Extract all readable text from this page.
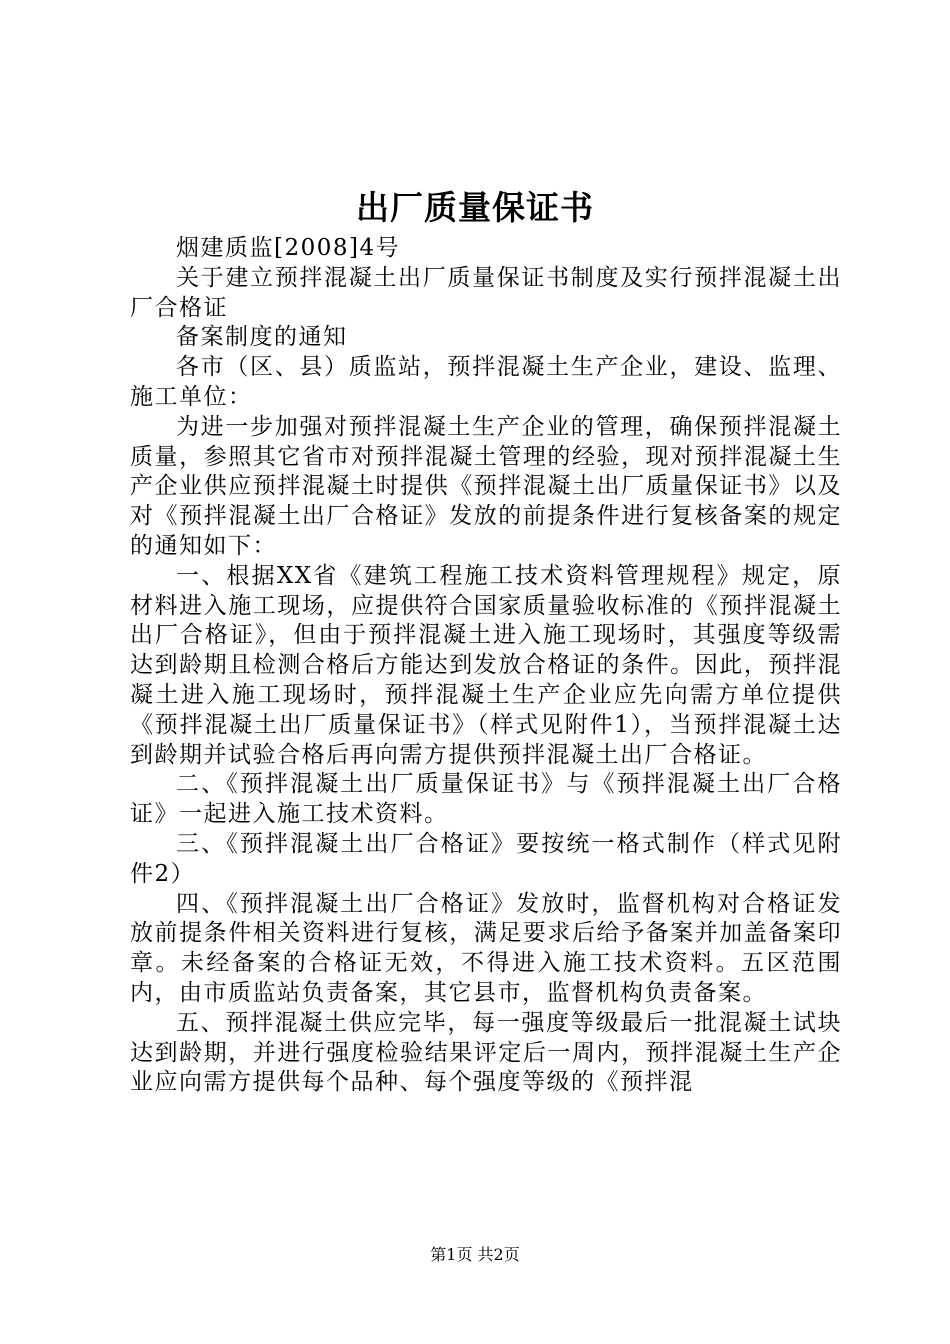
出厂质量保证书

烟建质监[2008]4号

关于建立预拌混凝土出厂质量保证书制度及实行预拌混凝土出厂合格证

备案制度的通知

各市（区、县）质监站，预拌混凝土生产企业，建设、监理、施工单位：

为进一步加强对预拌混凝土生产企业的管理，确保预拌混凝土质量，参照其它省市对预拌混凝土管理的经验，现对预拌混凝土生产企业供应预拌混凝土时提供《预拌混凝土出厂质量保证书》以及对《预拌混凝土出厂合格证》发放的前提条件进行复核备案的规定的通知如下：

一、根据XX省《建筑工程施工技术资料管理规程》规定，原材料进入施工现场，应提供符合国家质量验收标准的《预拌混凝土出厂合格证》，但由于预拌混凝土进入施工现场时，其强度等级需达到龄期且检测合格后方能达到发放合格证的条件。因此，预拌混凝土进入施工现场时，预拌混凝土生产企业应先向需方单位提供《预拌混凝土出厂质量保证书》（样式见附件1），当预拌混凝土达到龄期并试验合格后再向需方提供预拌混凝土出厂合格证。

二、《预拌混凝土出厂质量保证书》与《预拌混凝土出厂合格证》一起进入施工技术资料。

三、《预拌混凝土出厂合格证》要按统一格式制作（样式见附件2）

四、《预拌混凝土出厂合格证》发放时，监督机构对合格证发放前提条件相关资料进行复核，满足要求后给予备案并加盖备案印章。未经备案的合格证无效，不得进入施工技术资料。五区范围内，由市质监站负责备案，其它县市，监督机构负责备案。

五、预拌混凝土供应完毕，每一强度等级最后一批混凝土试块达到龄期，并进行强度检验结果评定后一周内，预拌混凝土生产企业应向需方提供每个品种、每个强度等级的《预拌混

第1页 共2页
